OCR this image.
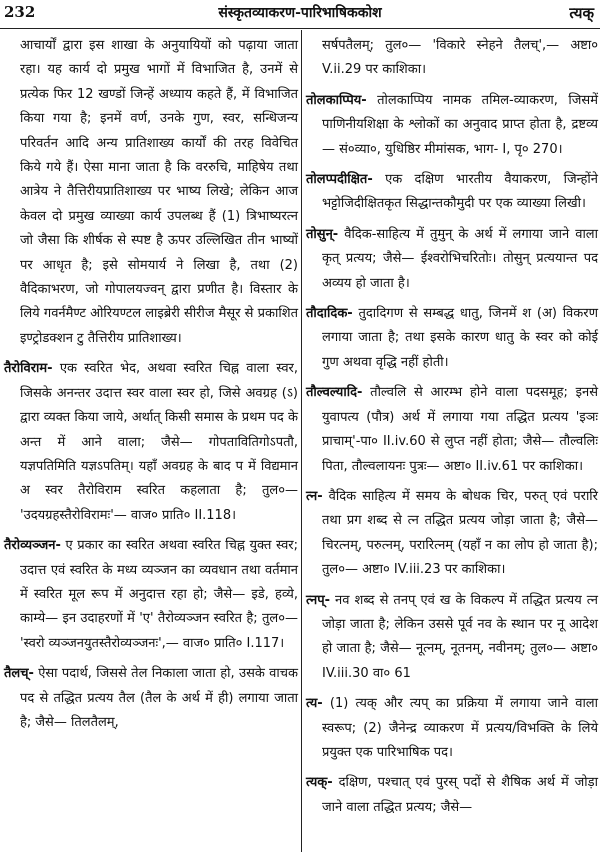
232	संस्कृतव्याकरण-पारिभाषिककोश	त्यक्

आचार्यों द्वारा इस शाखा के अनुयायियों को पढ़ाया जाता रहा। यह कार्य दो प्रमुख भागों में विभाजित है, उनमें से प्रत्येक फिर 12 खण्डों जिन्हें अध्याय कहते हैं, में विभाजित किया गया है; इनमें वर्ण, उनके गुण, स्वर, सन्धिजन्य परिवर्तन आदि अन्य प्रातिशाख्य कार्यों की तरह विवेचित किये गये हैं। ऐसा माना जाता है कि वररुचि, माहिषेय तथा आत्रेय ने तैत्तिरीयप्रातिशाख्य पर भाष्य लिखे; लेकिन आज केवल दो प्रमुख व्याख्या कार्य उपलब्ध हैं (1) त्रिभाष्यरत्न जो जैसा कि शीर्षक से स्पष्ट है ऊपर उल्लिखित तीन भाष्यों पर आधृत है; इसे सोमयार्य ने लिखा है, तथा (2) वैदिकाभरण, जो गोपालयज्वन् द्वारा प्रणीत है। विस्तार के लिये गवर्नमैण्ट ओरियण्टल लाइब्रेरी सीरीज मैसूर से प्रकाशित इण्ट्रोडक्शन टु तैत्तिरीय प्रातिशाख्य।

तैरोविराम- एक स्वरित भेद, अथवा स्वरित चिह्न वाला स्वर, जिसके अनन्तर उदात्त स्वर वाला स्वर हो, जिसे अवग्रह (ऽ) द्वारा व्यक्त किया जाये, अर्थात् किसी समास के प्रथम पद के अन्त में आने वाला; जैसे— गोपतावितिगोऽपतौ, यज्ञपतिमिति यज्ञऽपतिम्। यहाँ अवग्रह के बाद प में विद्यमान अ स्वर तैरोविराम स्वरित कहलाता है; तुल०— 'उदयग्रहस्तैरोविरामः'— वाज० प्राति० II.118।

तैरोव्यञ्जन- ए प्रकार का स्वरित अथवा स्वरित चिह्न युक्त स्वर; उदात्त एवं स्वरित के मध्य व्यञ्जन का व्यवधान तथा वर्तमान में स्वरित मूल रूप में अनुदात्त रहा हो; जैसे— इडे, हव्ये, काम्ये— इन उदाहरणों में 'ए' तैरोव्यञ्जन स्वरित है; तुल०— 'स्वरो व्यञ्जनयुतस्तैरोव्यञ्जनः',— वाज० प्राति० I.117।

तैलच्- ऐसा पदार्थ, जिससे तेल निकाला जाता हो, उसके वाचक पद से तद्धित प्रत्यय तैल (तैल के अर्थ में ही) लगाया जाता है; जैसे— तिलतैलम्,

सर्षपतैलम्; तुल०— 'विकारे स्नेहने तैलच्',— अष्टा० V.ii.29 पर काशिका।

तोलकाप्पिय- तोलकाप्पिय नामक तमिल-व्याकरण, जिसमें पाणिनीयशिक्षा के श्लोकों का अनुवाद प्राप्त होता है, द्रष्टव्य— सं०व्या०, युधिष्ठिर मीमांसक, भाग- I, पृ० 270।

तोलप्पदीक्षित- एक दक्षिण भारतीय वैयाकरण, जिन्होंने भट्टोजिदीक्षितकृत सिद्धान्तकौमुदी पर एक व्याख्या लिखी।

तोसुन्- वैदिक-साहित्य में तुमुन् के अर्थ में लगाया जाने वाला कृत् प्रत्यय; जैसे— ईश्वरोभिचरितोः। तोसुन् प्रत्ययान्त पद अव्यय हो जाता है।

तौदादिक- तुदादिगण से सम्बद्ध धातु, जिनमें श (अ) विकरण लगाया जाता है; तथा इसके कारण धातु के स्वर को कोई गुण अथवा वृद्धि नहीं होती।

तौल्वल्यादि- तौल्वलि से आरम्भ होने वाला पदसमूह; इनसे युवापत्य (पौत्र) अर्थ में लगाया गया तद्धित प्रत्यय 'इञः प्राचाम्'-पा० II.iv.60 से लुप्त नहीं होता; जैसे— तौल्वलिः पिता, तौल्वलायनः पुत्रः— अष्टा० II.iv.61 पर काशिका।

त्न- वैदिक साहित्य में समय के बोधक चिर, परुत् एवं परारि तथा प्रग शब्द से त्न तद्धित प्रत्यय जोड़ा जाता है; जैसे— चिरत्नम्, परुत्नम्, परारित्नम् (यहाँ न का लोप हो जाता है); तुल०— अष्टा० IV.iii.23 पर काशिका।

त्नप्- नव शब्द से तनप् एवं ख के विकल्प में तद्धित प्रत्यय त्न जोड़ा जाता है; लेकिन उससे पूर्व नव के स्थान पर नू आदेश हो जाता है; जैसे— नूत्नम्, नूतनम्, नवीनम्; तुल०— अष्टा० IV.iii.30 वा० 61

त्य- (1) त्यक् और त्यप् का प्रक्रिया में लगाया जाने वाला स्वरूप; (2) जैनेन्द्र व्याकरण में प्रत्यय/विभक्ति के लिये प्रयुक्त एक पारिभाषिक पद।

त्यक्- दक्षिण, पश्चात् एवं पुरस् पदों से शैषिक अर्थ में जोड़ा जाने वाला तद्धित प्रत्यय; जैसे—
